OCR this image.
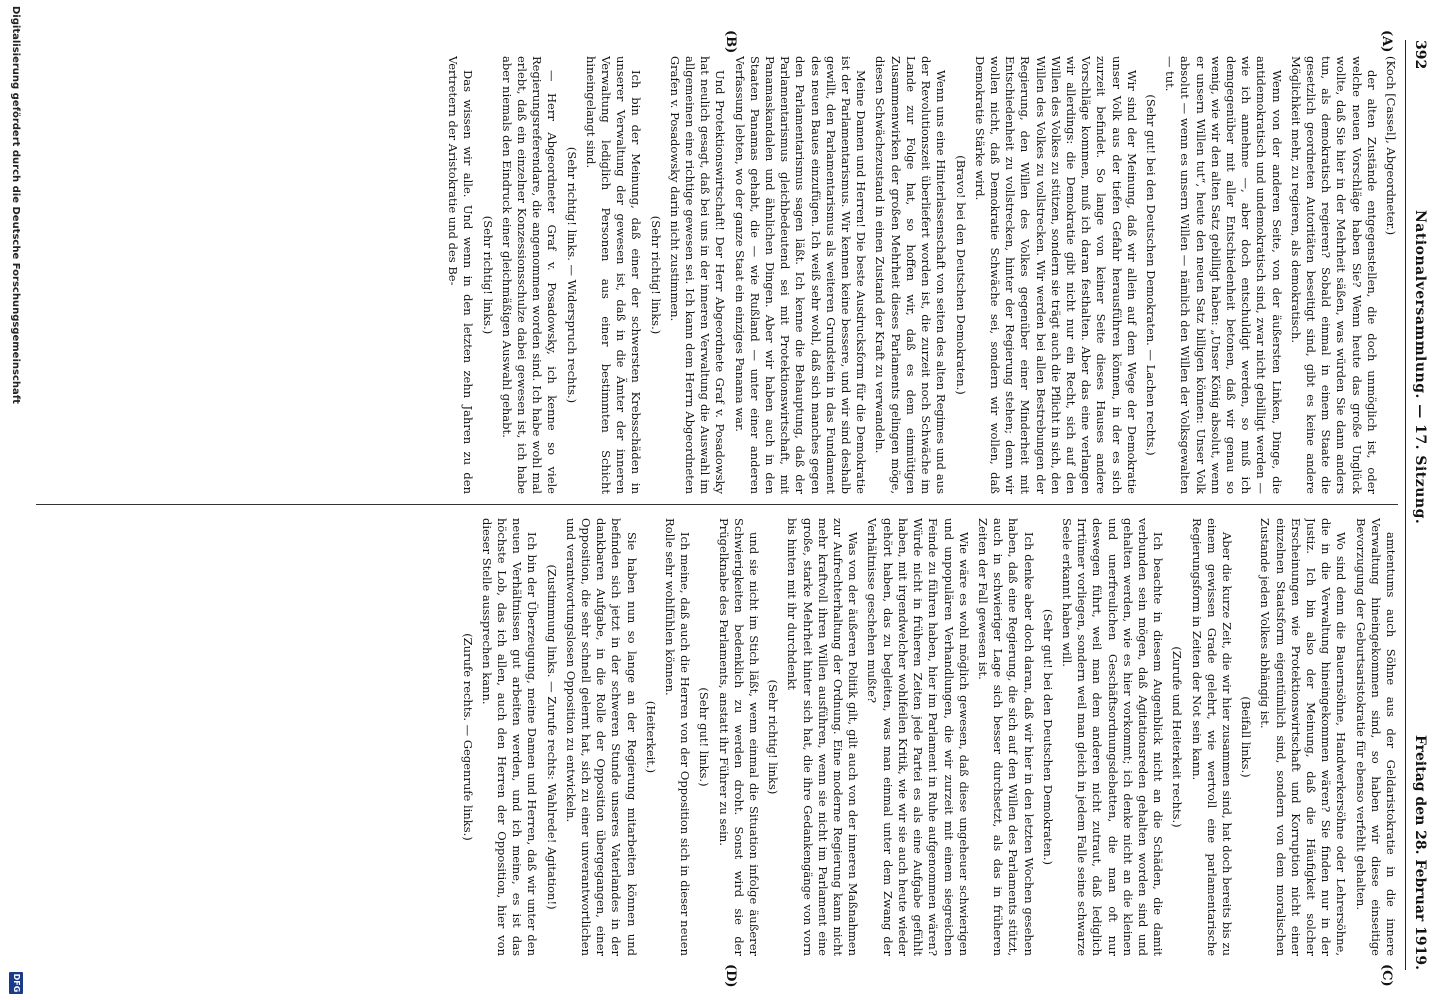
392
Nationalversammlung. — 17. Sitzung.
Freitag den 28. Februar 1919.
(A)
(B)
(C)
(D)

(Koch [Cassel], Abgeordneter.)

der alten Zustände entgegenstellen, die doch unmöglich ist, oder welche neuen Vorschläge haben Sie? Wenn heute das große Unglück wollte, daß Sie hier in der Mehrheit säßen, was würden Sie dann anders tun, als demokratisch regieren? Sobald einmal in einem Staate die gesetzlich geordneten Autoritäten beseitigt sind, gibt es keine andere Möglichkeit mehr, zu regieren, als demokratisch.

Wenn von der anderen Seite, von der äußersten Linken, Dinge, die antidemokratisch und undemokratisch sind, zwar nicht gebilligt werden — wie ich annehme —, aber doch entschuldigt werden, so muß ich demgegenüber mit aller Entschiedenheit betonen, daß wir genau so wenig, wie wir den alten Satz gebilligt haben: „Unser König absolut, wenn er unsern Willen tut“, heute den neuen Satz billigen können: Unser Volk absolut — wenn es unsern Willen — nämlich den Willen der Volksgewalten — tut.

(Sehr gut! bei den Deutschen Demokraten. — Lachen rechts.)

Wir sind der Meinung, daß wir allein auf dem Wege der Demokratie unser Volk aus der tiefen Gefahr herausführen können, in der es sich zurzeit befindet. So lange von keiner Seite dieses Hauses andere Vorschläge kommen, muß ich daran festhalten. Aber das eine verlangen wir allerdings: die Demokratie gibt nicht nur ein Recht, sich auf den Willen des Volkes zu stützen, sondern sie trägt auch die Pflicht in sich, den Willen des Volkes zu vollstrecken. Wir werden bei allen Bestrebungen der Regierung, den Willen des Volkes gegenüber einer Minderheit mit Entschiedenheit zu vollstrecken, hinter der Regierung stehen; denn wir wollen nicht, daß Demokratie Schwäche sei, sondern wir wollen, daß Demokratie Stärke wird.

(Bravo! bei den Deutschen Demokraten.)

Wenn uns eine Hinterlassenschaft von seiten des alten Regimes und aus der Revolutionszeit überliefert worden ist, die zurzeit noch Schwäche im Lande zur Folge hat, so hoffen wir, daß es dem einmütigen Zusammenwirken der großen Mehrheit dieses Parlaments gelingen möge, diesen Schwächezustand in einen Zustand der Kraft zu verwandeln.

Meine Damen und Herren! Die beste Ausdrucksform für die Demokratie ist der Parlamentarismus. Wir kennen keine bessere, und wir sind deshalb gewillt, den Parlamentarismus als weiteren Grundstein in das Fundament des neuen Baues einzufügen. Ich weiß sehr wohl, daß sich manches gegen den Parlamentarismus sagen läßt. Ich kenne die Behauptung, daß der Parlamentarismus gleichbedeutend sei mit Protektionswirtschaft, mit Panamaskandalen und ähnlichen Dingen. Aber wir haben auch in den Staaten Panamas gehabt, die — wie Rußland — unter einer anderen Verfassung lebten, wo der ganze Staat ein einziges Panama war.

Und Protektionswirtschaft! Der Herr Abgeordnete Graf v. Posadowsky hat neulich gesagt, daß bei uns in der inneren Verwaltung die Auswahl im allgemeinen eine richtige gewesen sei. Ich kann dem Herrn Abgeordneten Grafen v. Posadowsky darin nicht zustimmen.

(Sehr richtig! links.)

Ich bin der Meinung, daß einer der schwersten Krebsschäden in unserer Verwaltung der gewesen ist, daß in die Ämter der inneren Verwaltung lediglich Personen aus einer bestimmten Schicht hineingelangt sind.

(Sehr richtig! links. — Widerspruch rechts.)

— Herr Abgeordneter Graf v. Posadowsky, ich kenne so viele Regierungsreferendare, die angenommen worden sind. Ich habe wohl mal erlebt, daß ein einzelner Konzessionsschulze dabei gewesen ist, ich habe aber niemals den Eindruck einer gleichmäßigen Auswahl gehabt.

(Sehr richtig! links.)

Das wissen wir alle. Und wenn in den letzten zehn Jahren zu den Vertretern der Aristokratie und des Be-

amtentums auch Söhne aus der Geldaristokratie in die innere Verwaltung hineingekommen sind, so haben wir diese einseitige Bevorzugung der Geburtsaristokratie für ebenso verfehlt gehalten.

Wo sind denn die Bauernsöhne, Handwerkersöhne oder Lehrersöhne, die in die Verwaltung hineingekommen wären? Sie finden nur in der Justiz. Ich bin also der Meinung, daß die Häufigkeit solcher Erscheinungen wie Protektionswirtschaft und Korruption nicht einer einzelnen Staatsform eigentümlich sind, sondern von dem moralischen Zustande jeden Volkes abhängig ist.

(Beifall links.)

Aber die kurze Zeit, die wir hier zusammen sind, hat doch bereits bis zu einem gewissen Grade gelehrt, wie wertvoll eine parlamentarische Regierungsform in Zeiten der Not sein kann.

(Zurufe und Heiterkeit rechts.)

Ich beachte in diesem Augenblick nicht an die Schäden, die damit verbunden sein mögen, daß Agitationsreden gehalten worden sind und gehalten werden, wie es hier vorkommt; ich denke nicht an die kleinen und unerfreulichen Geschäftsordnungsdebatten, die man oft nur deswegen führt, weil man dem anderen nicht zutraut, daß lediglich Irrtümer vorliegen, sondern weil man gleich in jedem Falle seine schwarze Seele erkannt haben will.

(Sehr gut! bei den Deutschen Demokraten.)

Ich denke aber doch daran, daß wir hier in den letzten Wochen gesehen haben, daß eine Regierung, die sich auf den Willen des Parlaments stützt, auch in schwieriger Lage sich besser durchsetzt, als das in früheren Zeiten der Fall gewesen ist.

Wie wäre es wohl möglich gewesen, daß diese ungeheuer schwierigen und unpopulären Verhandlungen, die wir zurzeit mit einem siegreichen Feinde zu führen haben, hier im Parlament in Ruhe aufgenommen wären? Würde nicht in früheren Zeiten jede Partei es als eine Aufgabe gefühlt haben, mit irgendwelcher wohlfeilen Kritik, wie wir sie auch heute wieder gehört haben, das zu begleiten, was man einmal unter dem Zwang der Verhältnisse geschehen mußte?

Was von der äußeren Politik gilt, gilt auch von der inneren Maßnahmen zur Aufrechterhaltung der Ordnung. Eine moderne Regierung kann nicht mehr kraftvoll ihren Willen ausführen, wenn sie nicht im Parlament eine große, starke Mehrheit hinter sich hat, die ihre Gedankengänge von vorn bis hinten mit ihr durchdenkt

(Sehr richtig! links)

und sie nicht im Stich läßt, wenn einmal die Situation infolge äußerer Schwierigkeiten bedenklich zu werden droht. Sonst wird sie der Prügelknabe des Parlaments, anstatt ihr Führer zu sein.

(Sehr gut! links.)

Ich meine, daß auch die Herren von der Opposition sich in dieser neuen Rolle sehr wohlfühlen können.

(Heiterkeit.)

Sie haben nun so lange an der Regierung mitarbeiten können und befinden sich jetzt in der schweren Stunde unseres Vaterlandes in der dankbaren Aufgabe, in die Rolle der Opposition übergegangen, einer Opposition, die sehr schnell gelernt hat, sich zu einer unverantwortlichen und verantwortungslosen Opposition zu entwickeln.

(Zustimmung links. — Zurufe rechts: Wahlrede! Agitation!)

Ich bin der Überzeugung, meine Damen und Herren, daß wir unter den neuen Verhältnissen gut arbeiten werden, und ich meine, es ist das höchste Lob, das ich allen, auch den Herren der Opposition, hier von dieser Stelle aussprechen kann.

(Zurufe rechts. — Gegenrufe links.)

Digitalisierung gefördert durch die Deutsche Forschungsgemeinschaft
DFG
